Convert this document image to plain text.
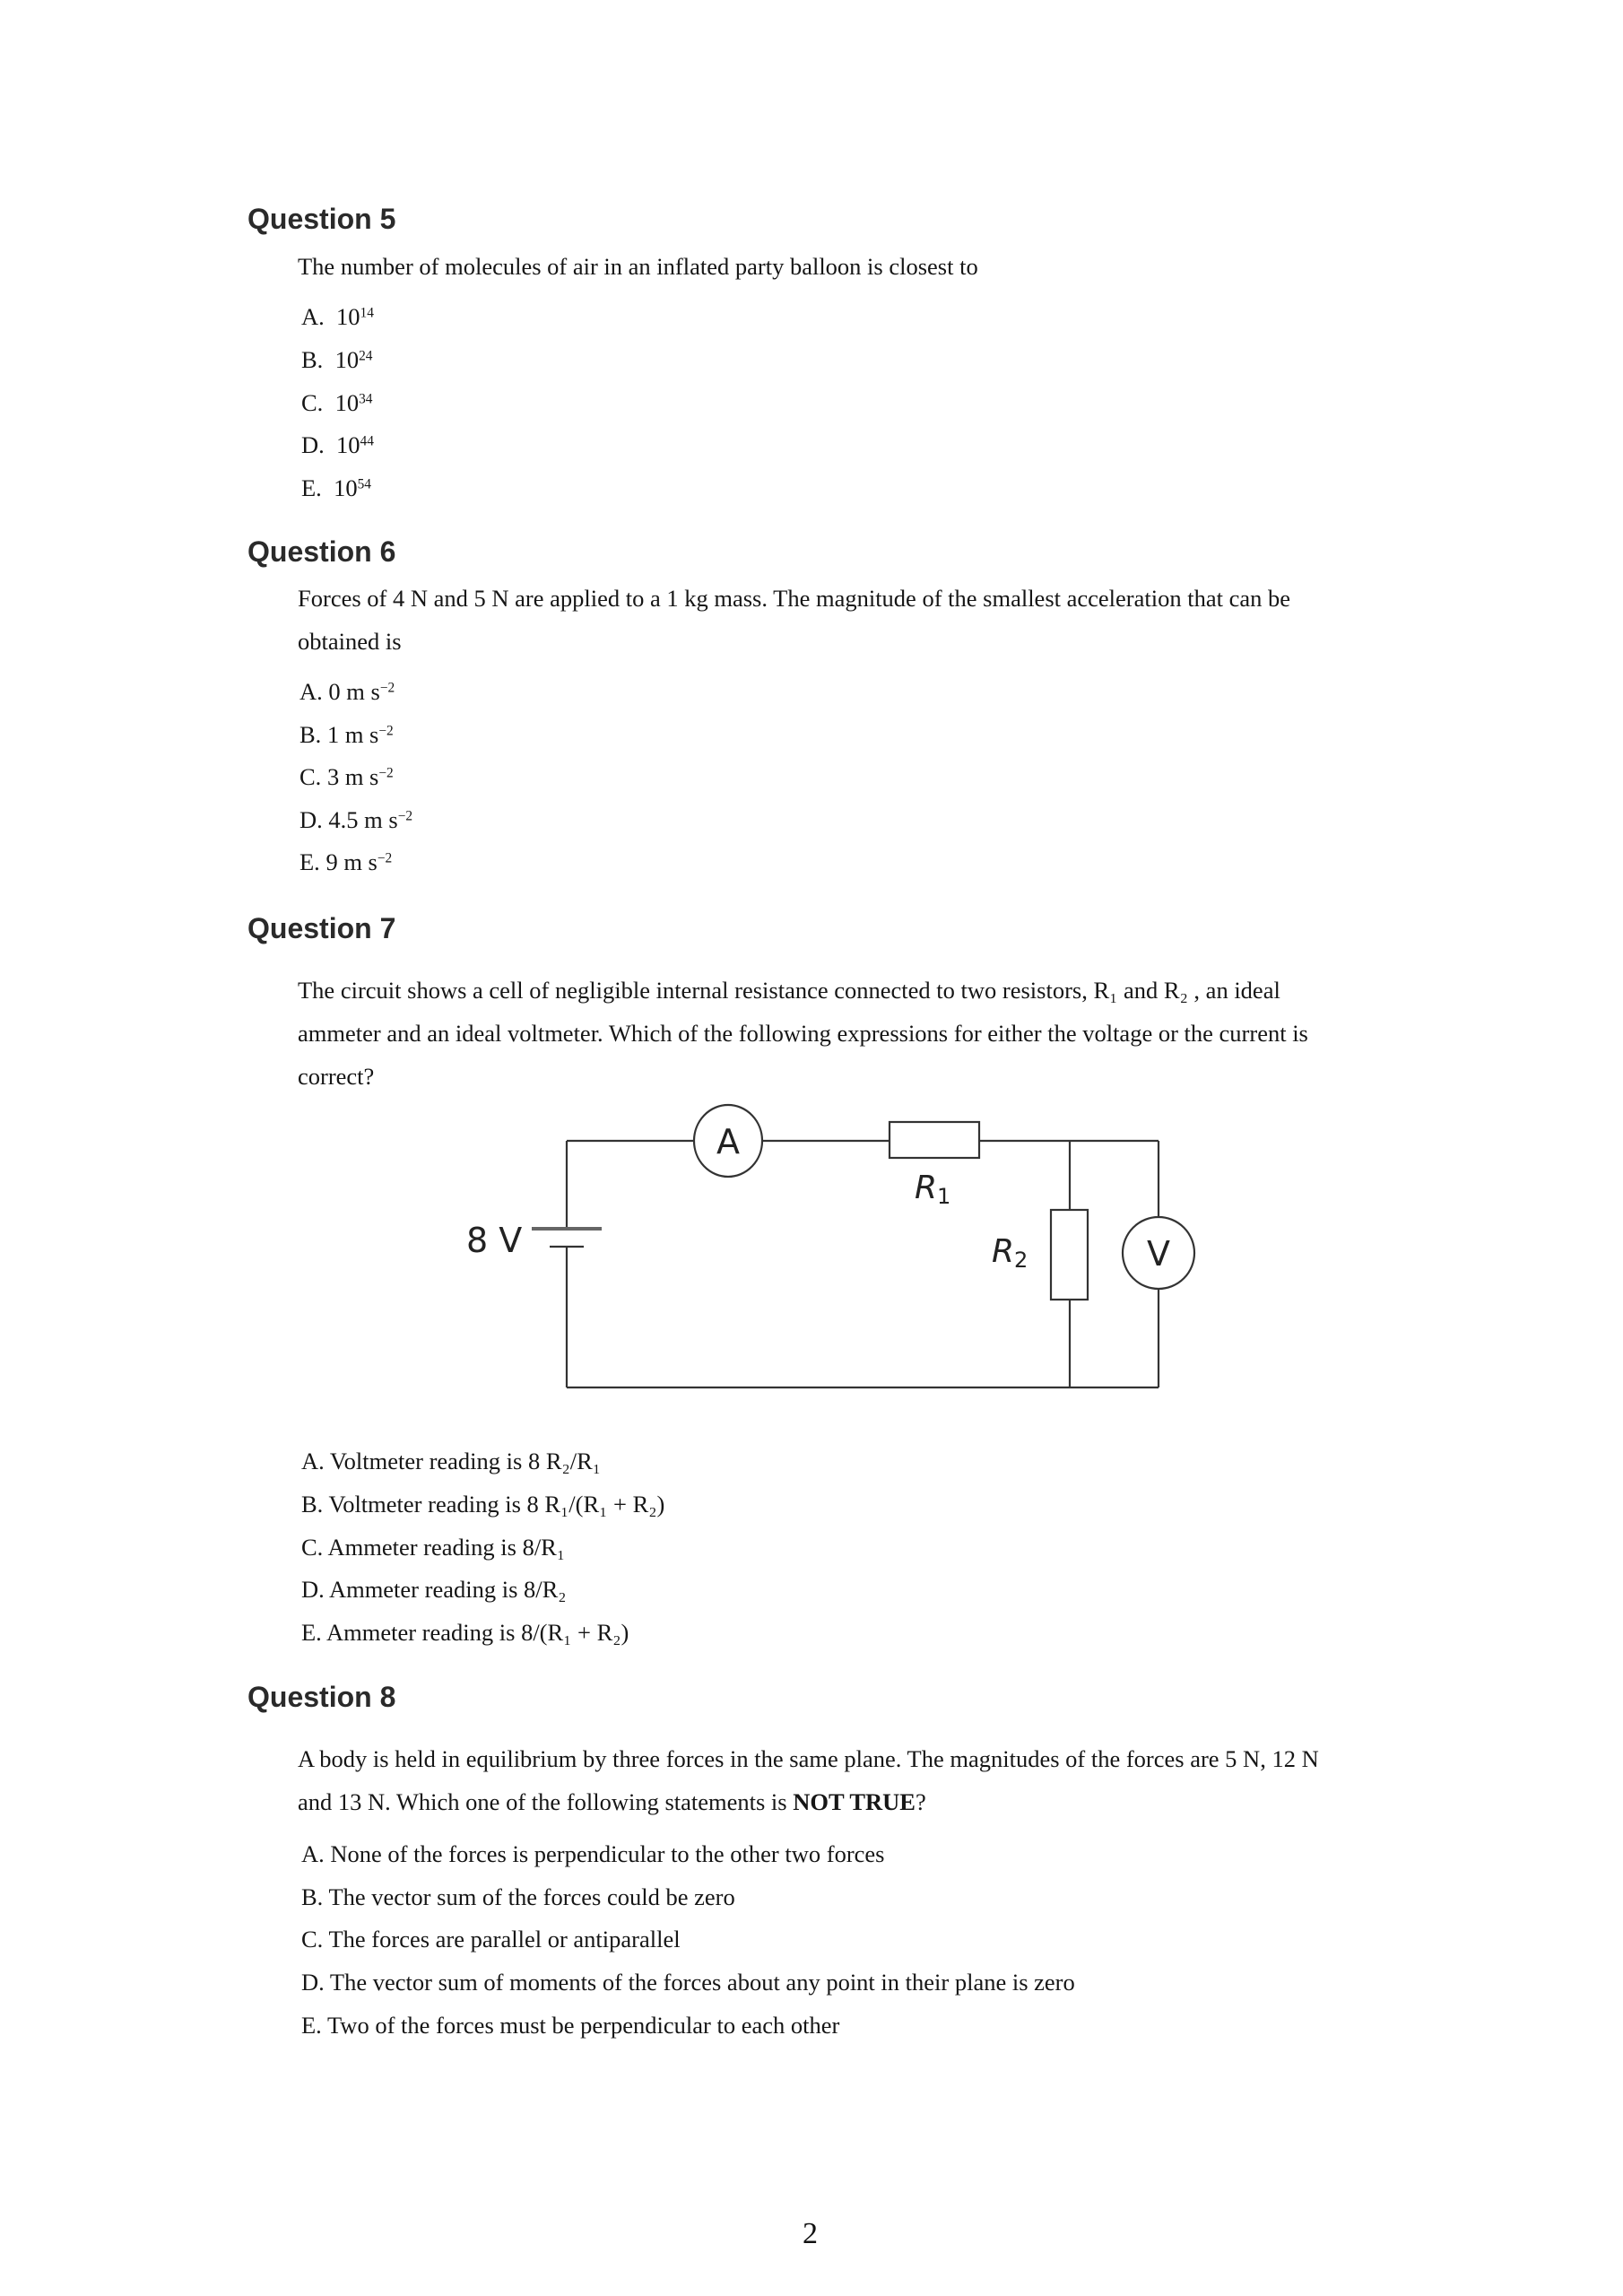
Question 5
The number of molecules of air in an inflated party balloon is closest to
A. $10^{14}$
B. $10^{24}$
C. $10^{34}$
D. $10^{44}$
E. $10^{54}$
Question 6
Forces of 4 N and 5 N are applied to a 1 kg mass. The magnitude of the smallest acceleration that can be
obtained is
A. 0 m $s^{-2}$
B. 1 m $s^{-2}$
C. 3 m $s^{-2}$
D. 4.5 m $s^{-2}$
E. 9 m $s^{-2}$
Question 7
The circuit shows a cell of negligible internal resistance connected to two resistors, R₁ and R₂ , an ideal
ammeter and an ideal voltmeter. Which of the following expressions for either the voltage or the current is
correct?
8 V
A
V
R1
R2
A. Voltmeter reading is 8 R₂/R₁
B. Voltmeter reading is 8 R₁/(R₁ + R₂)
C. Ammeter reading is 8/R₁
D. Ammeter reading is 8/R₂
E. Ammeter reading is 8/(R₁ + R₂)
Question 8
A body is held in equilibrium by three forces in the same plane. The magnitudes of the forces are 5 N, 12 N
and 13 N. Which one of the following statements is NOT TRUE?
A. None of the forces is perpendicular to the other two forces
B. The vector sum of the forces could be zero
C. The forces are parallel or antiparallel
D. The vector sum of moments of the forces about any point in their plane is zero
E. Two of the forces must be perpendicular to each other
2
